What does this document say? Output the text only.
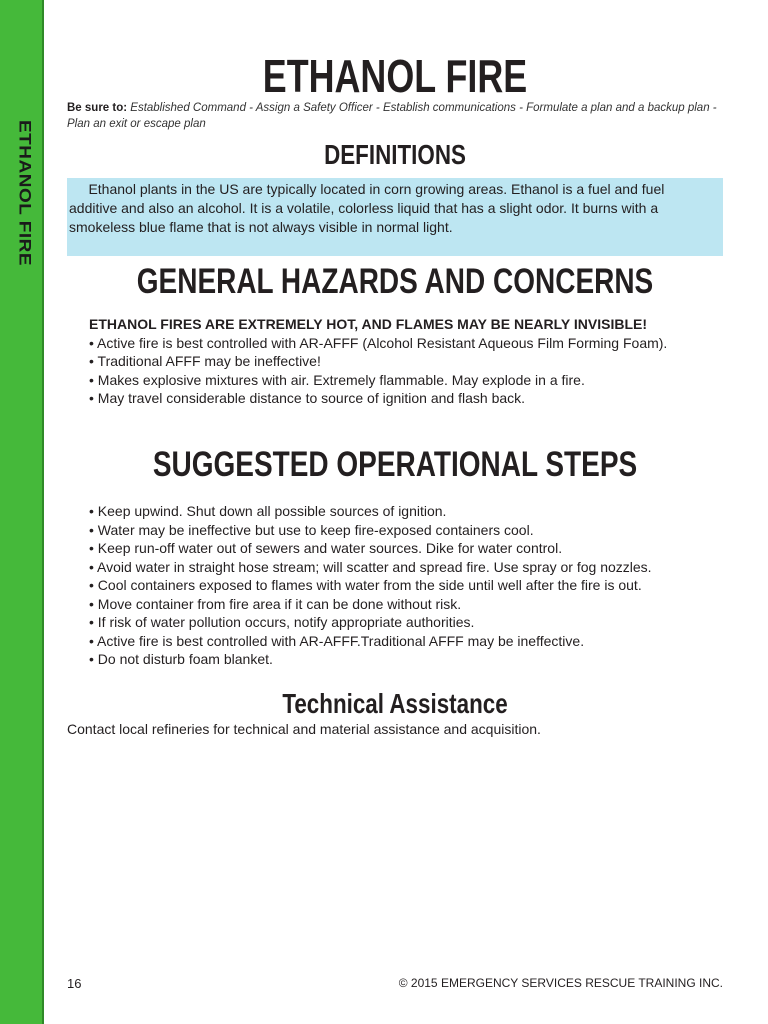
ETHANOL FIRE
ETHANOL FIRE
Be sure to: Established Command - Assign a Safety Officer - Establish communications - Formulate a plan and a backup plan - Plan an exit or escape plan
DEFINITIONS
Ethanol plants in the US are typically located in corn growing areas. Ethanol is a fuel and fuel
additive and also an alcohol. It is a volatile, colorless liquid that has a slight odor. It burns with a
smokeless blue flame that is not always visible in normal light.
GENERAL HAZARDS AND CONCERNS
ETHANOL FIRES ARE EXTREMELY HOT, AND FLAMES MAY BE NEARLY INVISIBLE!
• Active fire is best controlled with AR-AFFF (Alcohol Resistant Aqueous Film Forming Foam).
• Traditional AFFF may be ineffective!
• Makes explosive mixtures with air. Extremely flammable. May explode in a fire.
• May travel considerable distance to source of ignition and flash back.
SUGGESTED OPERATIONAL STEPS
• Keep upwind. Shut down all possible sources of ignition.
• Water may be ineffective but use to keep fire-exposed containers cool.
• Keep run-off water out of sewers and water sources. Dike for water control.
• Avoid water in straight hose stream; will scatter and spread fire. Use spray or fog nozzles.
• Cool containers exposed to flames with water from the side until well after the fire is out.
• Move container from fire area if it can be done without risk.
• If risk of water pollution occurs, notify appropriate authorities.
• Active fire is best controlled with AR-AFFF.Traditional AFFF may be ineffective.
• Do not disturb foam blanket.
Technical Assistance
Contact local refineries for technical and material assistance and acquisition.
16	© 2015 EMERGENCY SERVICES RESCUE TRAINING INC.
